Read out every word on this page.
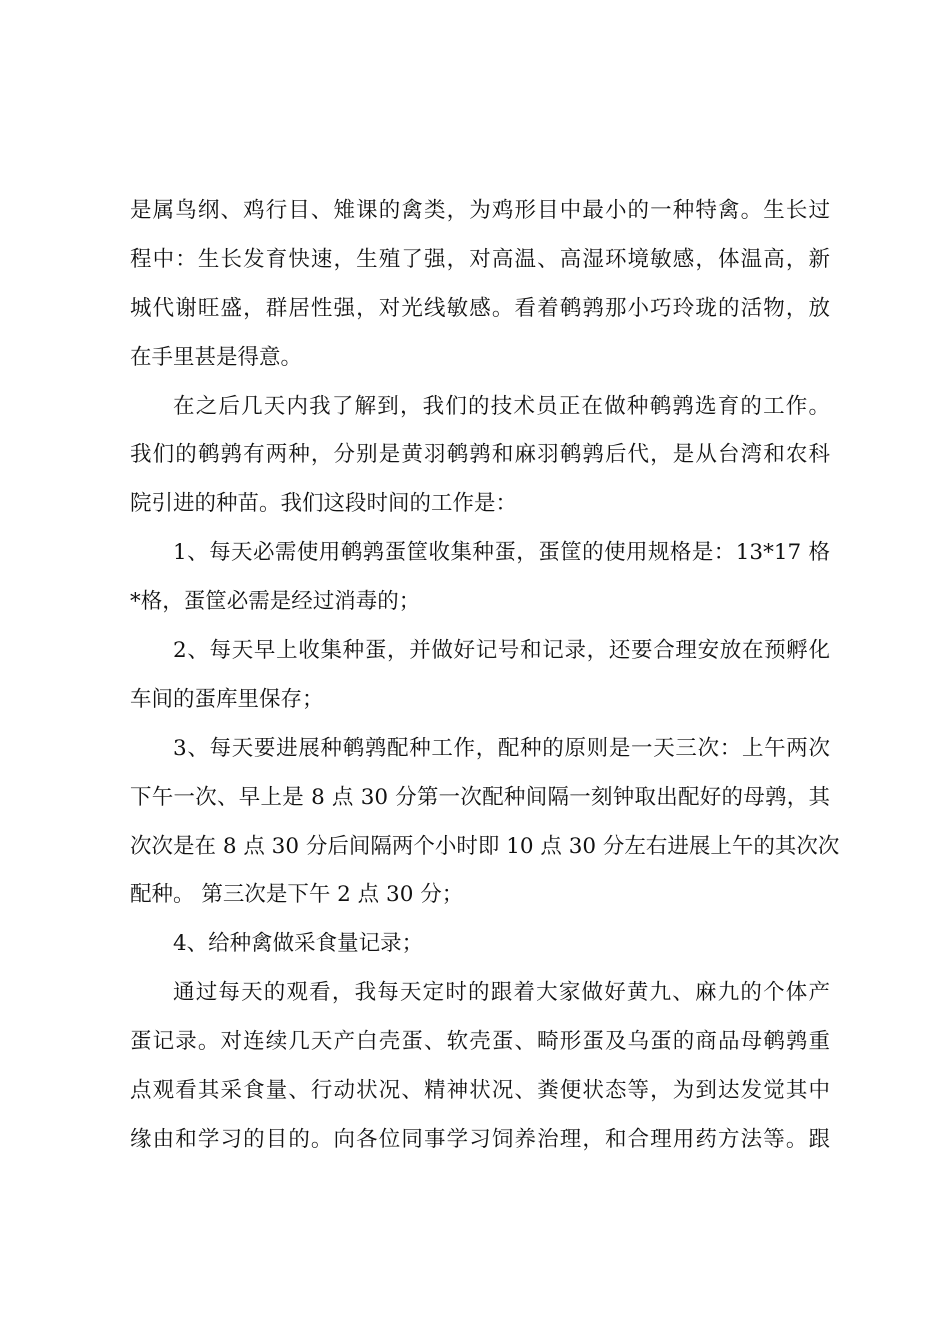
是属鸟纲、鸡行目、雉课的禽类，为鸡形目中最小的一种特禽。生长过
程中：生长发育快速，生殖了强，对高温、高湿环境敏感，体温高，新
城代谢旺盛，群居性强，对光线敏感。看着鹌鹑那小巧玲珑的活物，放
在手里甚是得意。
在之后几天内我了解到，我们的技术员正在做种鹌鹑选育的工作。
我们的鹌鹑有两种，分别是黄羽鹌鹑和麻羽鹌鹑后代，是从台湾和农科
院引进的种苗。我们这段时间的工作是：
1、每天必需使用鹌鹑蛋筐收集种蛋，蛋筐的使用规格是：13*17 格
*格，蛋筐必需是经过消毒的；
2、每天早上收集种蛋，并做好记号和记录，还要合理安放在预孵化
车间的蛋库里保存；
3、每天要进展种鹌鹑配种工作，配种的原则是一天三次：上午两次
下午一次、早上是 8 点 30 分第一次配种间隔一刻钟取出配好的母鹑，其
次次是在 8 点 30 分后间隔两个小时即 10 点 30 分左右进展上午的其次次
配种。 第三次是下午 2 点 30 分；
4、给种禽做采食量记录；
通过每天的观看，我每天定时的跟着大家做好黄九、麻九的个体产
蛋记录。对连续几天产白壳蛋、软壳蛋、畸形蛋及乌蛋的商品母鹌鹑重
点观看其采食量、行动状况、精神状况、粪便状态等，为到达发觉其中
缘由和学习的目的。向各位同事学习饲养治理，和合理用药方法等。跟
